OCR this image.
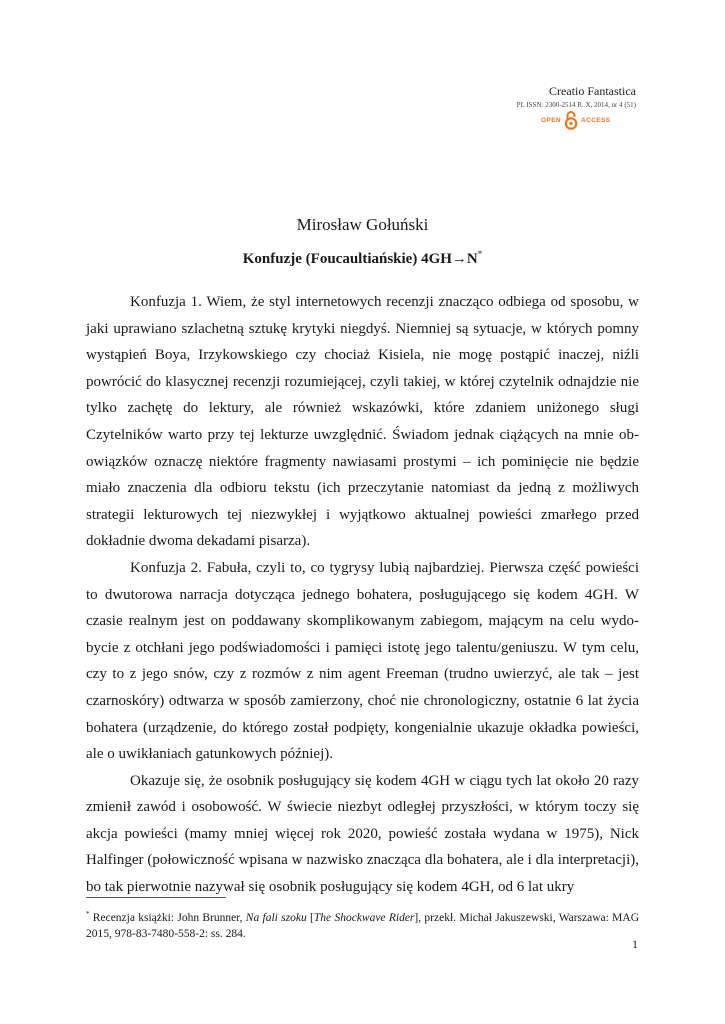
Creatio Fantastica
PL ISSN: 2300-2514 R. X, 2014, nr 4 (51)
OPEN	ACCESS
Mirosław Gołuński
Konfuzje (Foucaultiańskie) 4GH→N*

Konfuzja 1. Wiem, że styl internetowych recenzji znacząco odbiega od sposobu, w jaki uprawiano szlachetną sztukę krytyki niegdyś. Niemniej są sytuacje, w których pomny wystąpień Boya, Irzykowskiego czy chociaż Kisiela, nie mogę postąpić inaczej, niźli powrócić do klasycznej recenzji rozumiejącej, czyli takiej, w której czytelnik odnajdzie nie tylko zachętę do lektury, ale również wskazówki, które zdaniem uniżonego sługi Czytelników warto przy tej lekturze uwzględnić. Świadom jednak ciążących na mnie obowiązków oznaczę niektóre fragmenty nawiasami prostymi – ich pominięcie nie będzie miało znaczenia dla odbioru tekstu (ich przeczytanie natomiast da jedną z możliwych strategii lekturowych tej niezwykłej i wyjątkowo aktualnej powieści zmarłego przed dokładnie dwoma dekadami pisarza).

Konfuzja 2. Fabuła, czyli to, co tygrysy lubią najbardziej. Pierwsza część powieści to dwutorowa narracja dotycząca jednego bohatera, posługującego się kodem 4GH. W czasie realnym jest on poddawany skomplikowanym zabiegom, mającym na celu wydobycie z otchłani jego podświadomości i pamięci istotę jego talentu/geniuszu. W tym celu, czy to z jego snów, czy z rozmów z nim agent Freeman (trudno uwierzyć, ale tak – jest czarnoskóry) odtwarza w sposób zamierzony, choć nie chronologiczny, ostatnie 6 lat życia bohatera (urządzenie, do którego został podpięty, kongenialnie ukazuje okładka powieści, ale o uwikłaniach gatunkowych później).

Okazuje się, że osobnik posługujący się kodem 4GH w ciągu tych lat około 20 razy zmienił zawód i osobowość. W świecie niezbyt odległej przyszłości, w którym toczy się akcja powieści (mamy mniej więcej rok 2020, powieść została wydana w 1975), Nick Halfinger (połowiczność wpisana w nazwisko znacząca dla bohatera, ale i dla interpretacji), bo tak pierwotnie nazywał się osobnik posługujący się kodem 4GH, od 6 lat ukry

* Recenzja książki: John Brunner, Na fali szoku [The Shockwave Rider], przekł. Michał Jakuszewski, Warszawa: MAG 2015, 978-83-7480-558-2: ss. 284.
1
